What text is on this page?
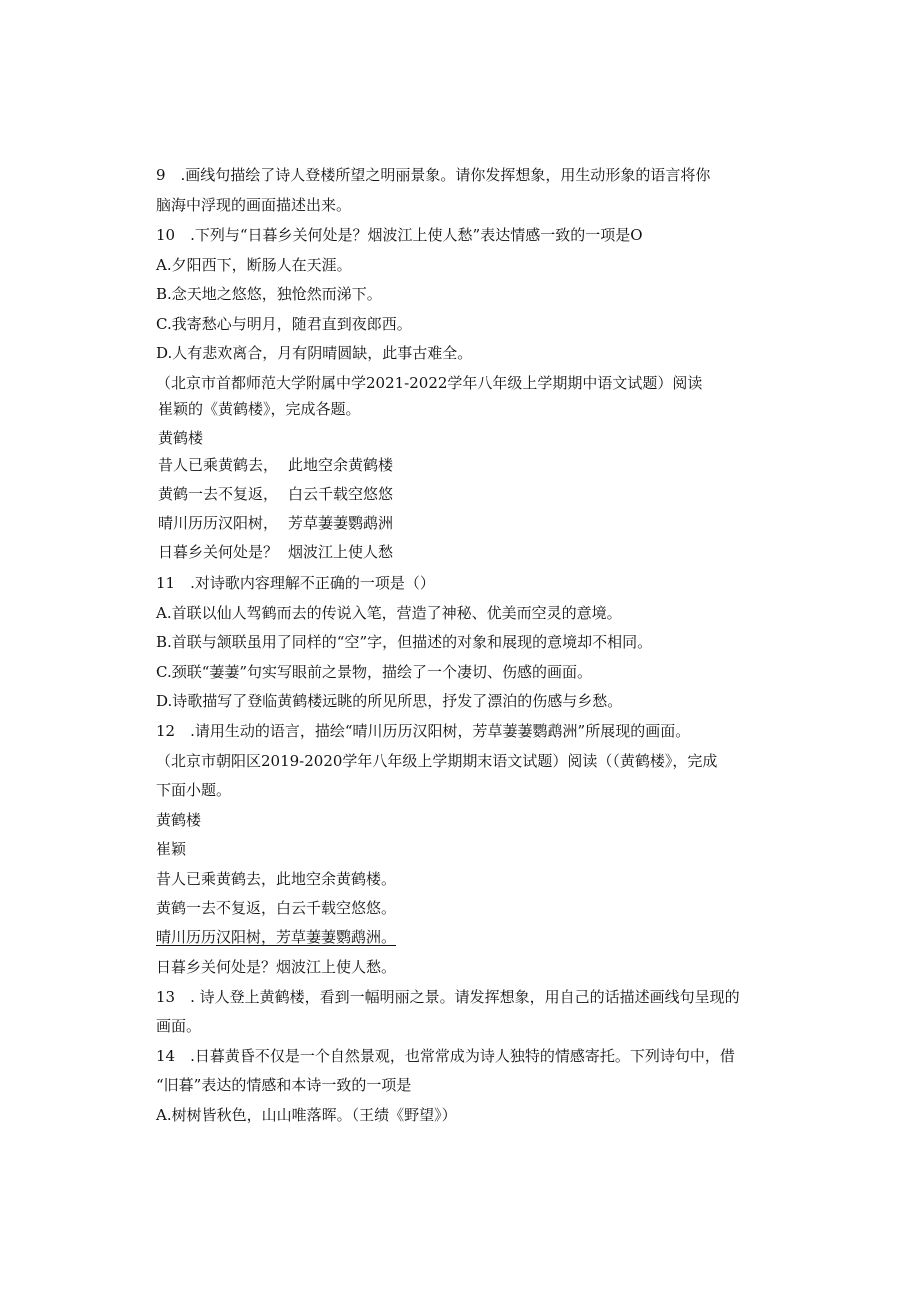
9　.画线句描绘了诗人登楼所望之明丽景象。请你发挥想象，用生动形象的语言将你
脑海中浮现的画面描述出来。
10　.下列与“日暮乡关何处是？烟波江上使人愁”表达情感一致的一项是O
A.夕阳西下，断肠人在天涯。
B.念天地之悠悠，独怆然而涕下。
C.我寄愁心与明月，随君直到夜郎西。
D.人有悲欢离合，月有阴晴圆缺，此事古难全。
（北京市首都师范大学附属中学2021-2022学年八年级上学期期中语文试题）阅读
崔颖的《黄鹤楼》，完成各题。
黄鹤楼
昔人已乘黄鹤去， 此地空余黄鹤楼
黄鹤一去不复返， 白云千载空悠悠
晴川历历汉阳树， 芳草萋萋鹦鹉洲
日暮乡关何处是？ 烟波江上使人愁
11　.对诗歌内容理解不正确的一项是（）
A.首联以仙人驾鹤而去的传说入笔，营造了神秘、优美而空灵的意境。
B.首联与颔联虽用了同样的“空”字，但描述的对象和展现的意境却不相同。
C.颈联“萋萋”句实写眼前之景物，描绘了一个凄切、伤感的画面。
D.诗歌描写了登临黄鹤楼远眺的所见所思，抒发了漂泊的伤感与乡愁。
12　.请用生动的语言，描绘“晴川历历汉阳树，芳草萋萋鹦鹉洲”所展现的画面。
（北京市朝阳区2019-2020学年八年级上学期期末语文试题）阅读（（黄鹤楼》，完成
下面小题。
黄鹤楼
崔颖
昔人已乘黄鹤去，此地空余黄鹤楼。
黄鹤一去不复返，白云千载空悠悠。
晴川历历汉阳树，芳草萋萋鹦鹉洲。
日暮乡关何处是？烟波江上使人愁。
13　. 诗人登上黄鹤楼，看到一幅明丽之景。请发挥想象，用自己的话描述画线句呈现的
画面。
14　.日暮黄昏不仅是一个自然景观，也常常成为诗人独特的情感寄托。下列诗句中，借
“旧暮”表达的情感和本诗一致的一项是
A.树树皆秋色，山山唯落晖。（王绩《野望》）
